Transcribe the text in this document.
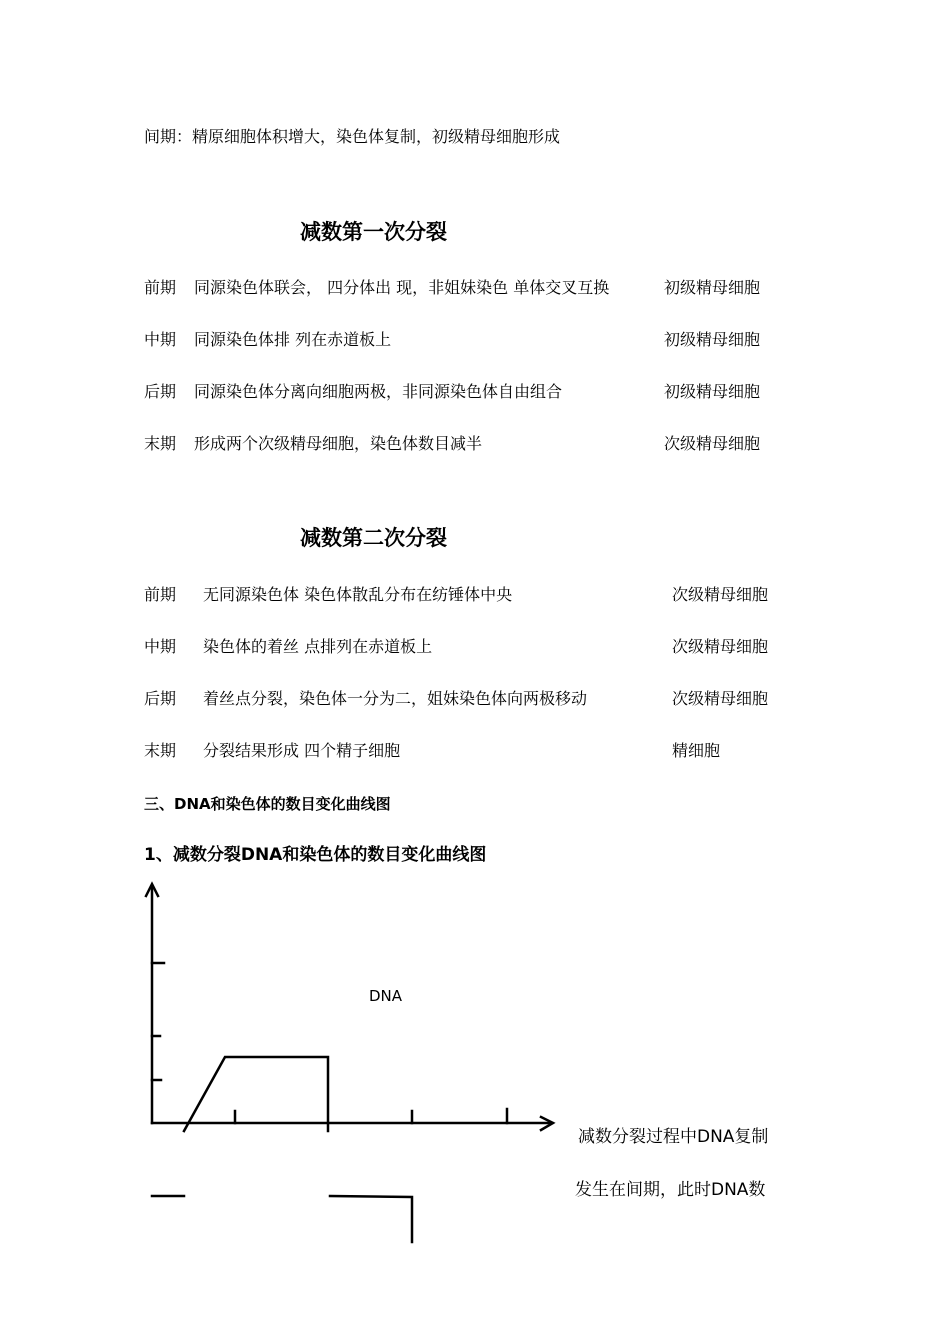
间期：精原细胞体积增大，染色体复制，初级精母细胞形成
减数第一次分裂
前期 同源染色体联会， 四分体出 现，非姐妹染色 单体交叉互换	初级精母细胞
中期 同源染色体排 列在赤道板上	初级精母细胞
后期 同源染色体分离向细胞两极，非同源染色体自由组合	初级精母细胞
末期 形成两个次级精母细胞，染色体数目减半	次级精母细胞
减数第二次分裂
前期 无同源染色体 染色体散乱分布在纺锤体中央	次级精母细胞
中期 染色体的着丝 点排列在赤道板上	次级精母细胞
后期 着丝点分裂，染色体一分为二，姐妹染色体向两极移动	次级精母细胞
末期 分裂结果形成 四个精子细胞	精细胞
三、DNA和染色体的数目变化曲线图
1、减数分裂DNA和染色体的数目变化曲线图
DNA
减数分裂过程中DNA复制
发生在间期，此时DNA数
